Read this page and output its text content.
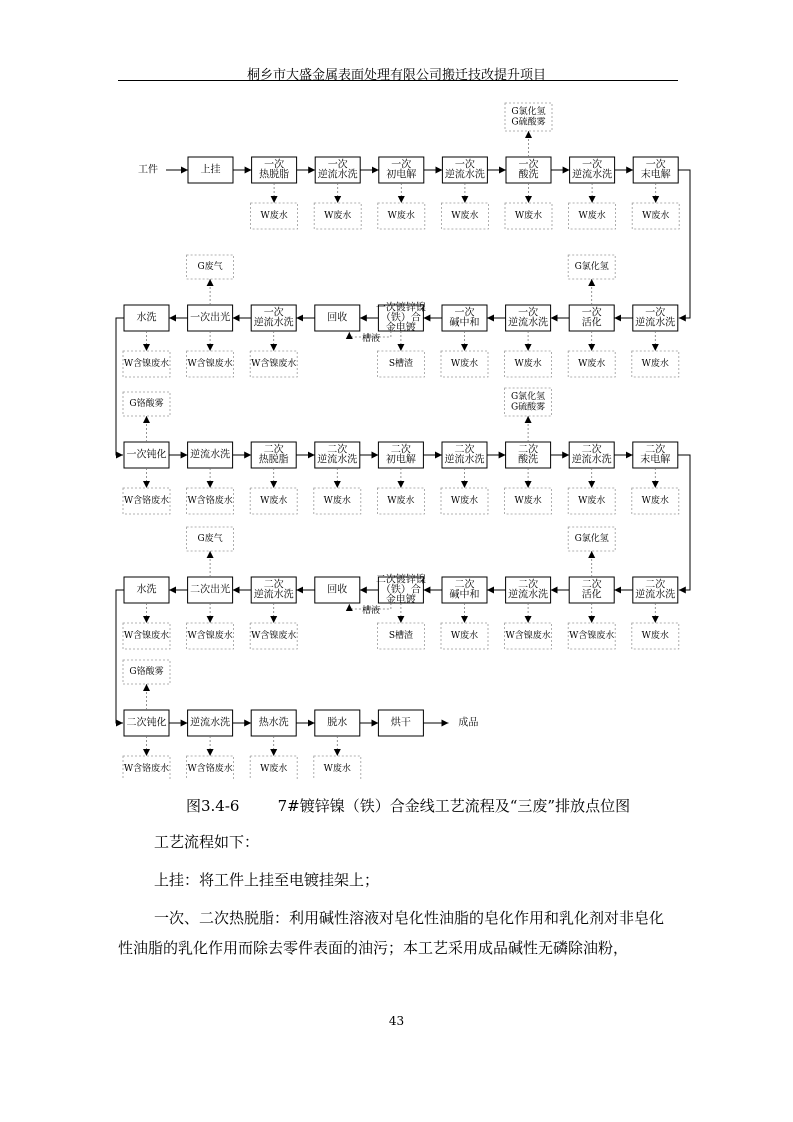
桐乡市大盛金属表面处理有限公司搬迁技改提升项目
上挂	一次
热脱脂
W废水
一次
逆流水洗
W废水
一次
初电解
W废水
一次
逆流水洗
W废水
一次
酸洗
W废水
G氯化氢
G硫酸雾
一次
逆流水洗
W废水
一次
末电解
W废水
水洗
W含镍废水
一次出光
W含镍废水
G废气
一次
逆流水洗
W含镍废水
回收
一次镀锌镍
（铁）合
金电镀
S槽渣
槽液
一次
碱中和
W废水
一次
逆流水洗
W废水
一次
活化
W废水
G氯化氢
一次
逆流水洗
W废水
一次钝化
W含铬废水
G铬酸雾
逆流水洗
W含铬废水
二次
热脱脂
W废水
二次
逆流水洗
W废水
二次
初电解
W废水
二次
逆流水洗
W废水
二次
酸洗
W废水
G氯化氢
G硫酸雾
二次
逆流水洗
W废水
二次
末电解
W废水
水洗
W含镍废水
二次出光
W含镍废水
G废气
二次
逆流水洗
W含镍废水
回收
二次镀锌镍
（铁）合
金电镀
S槽渣
槽液
二次
碱中和
W废水
二次
逆流水洗
W含镍废水
二次
活化
W含镍废水
G氯化氢
二次
逆流水洗
W废水
二次钝化
W含铬废水
G铬酸雾
逆流水洗
W含铬废水
热水洗
W废水
脱水
W废水
烘干
工件
成品
图3.4-6	7#镀锌镍（铁）合金线工艺流程及“三废”排放点位图
工艺流程如下：
上挂：将工件上挂至电镀挂架上；
一次、二次热脱脂：利用碱性溶液对皂化性油脂的皂化作用和乳化剂对非皂化性油脂的乳化作用而除去零件表面的油污；本工艺采用成品碱性无磷除油粉，
43
